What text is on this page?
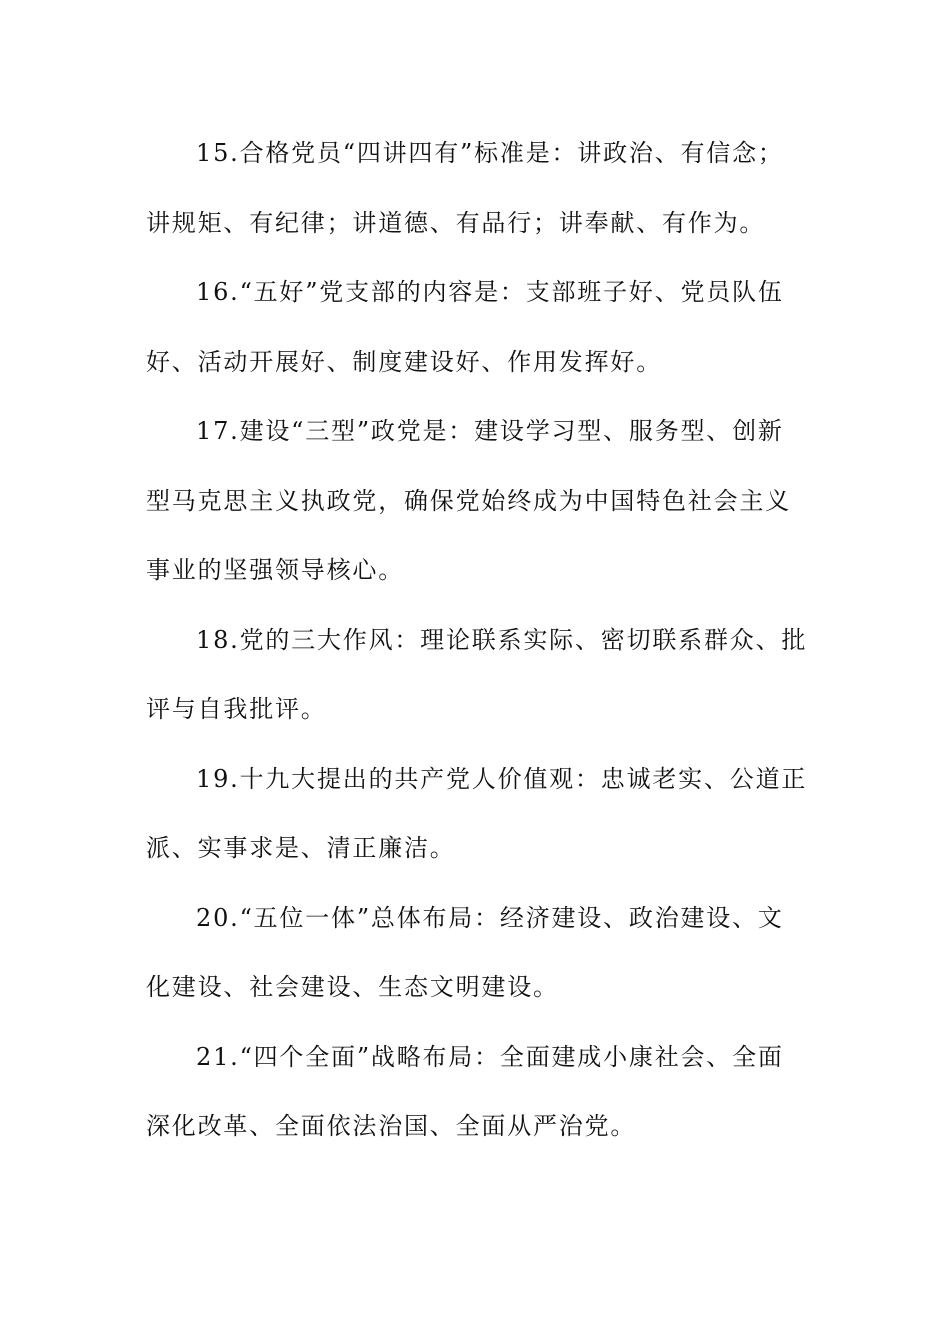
15.合格党员“四讲四有”标准是：讲政治、有信念；
讲规矩、有纪律；讲道德、有品行；讲奉献、有作为。
16.“五好”党支部的内容是：支部班子好、党员队伍
好、活动开展好、制度建设好、作用发挥好。
17.建设“三型”政党是：建设学习型、服务型、创新
型马克思主义执政党，确保党始终成为中国特色社会主义
事业的坚强领导核心。
18.党的三大作风：理论联系实际、密切联系群众、批
评与自我批评。
19.十九大提出的共产党人价值观：忠诚老实、公道正
派、实事求是、清正廉洁。
20.“五位一体”总体布局：经济建设、政治建设、文
化建设、社会建设、生态文明建设。
21.“四个全面”战略布局：全面建成小康社会、全面
深化改革、全面依法治国、全面从严治党。
